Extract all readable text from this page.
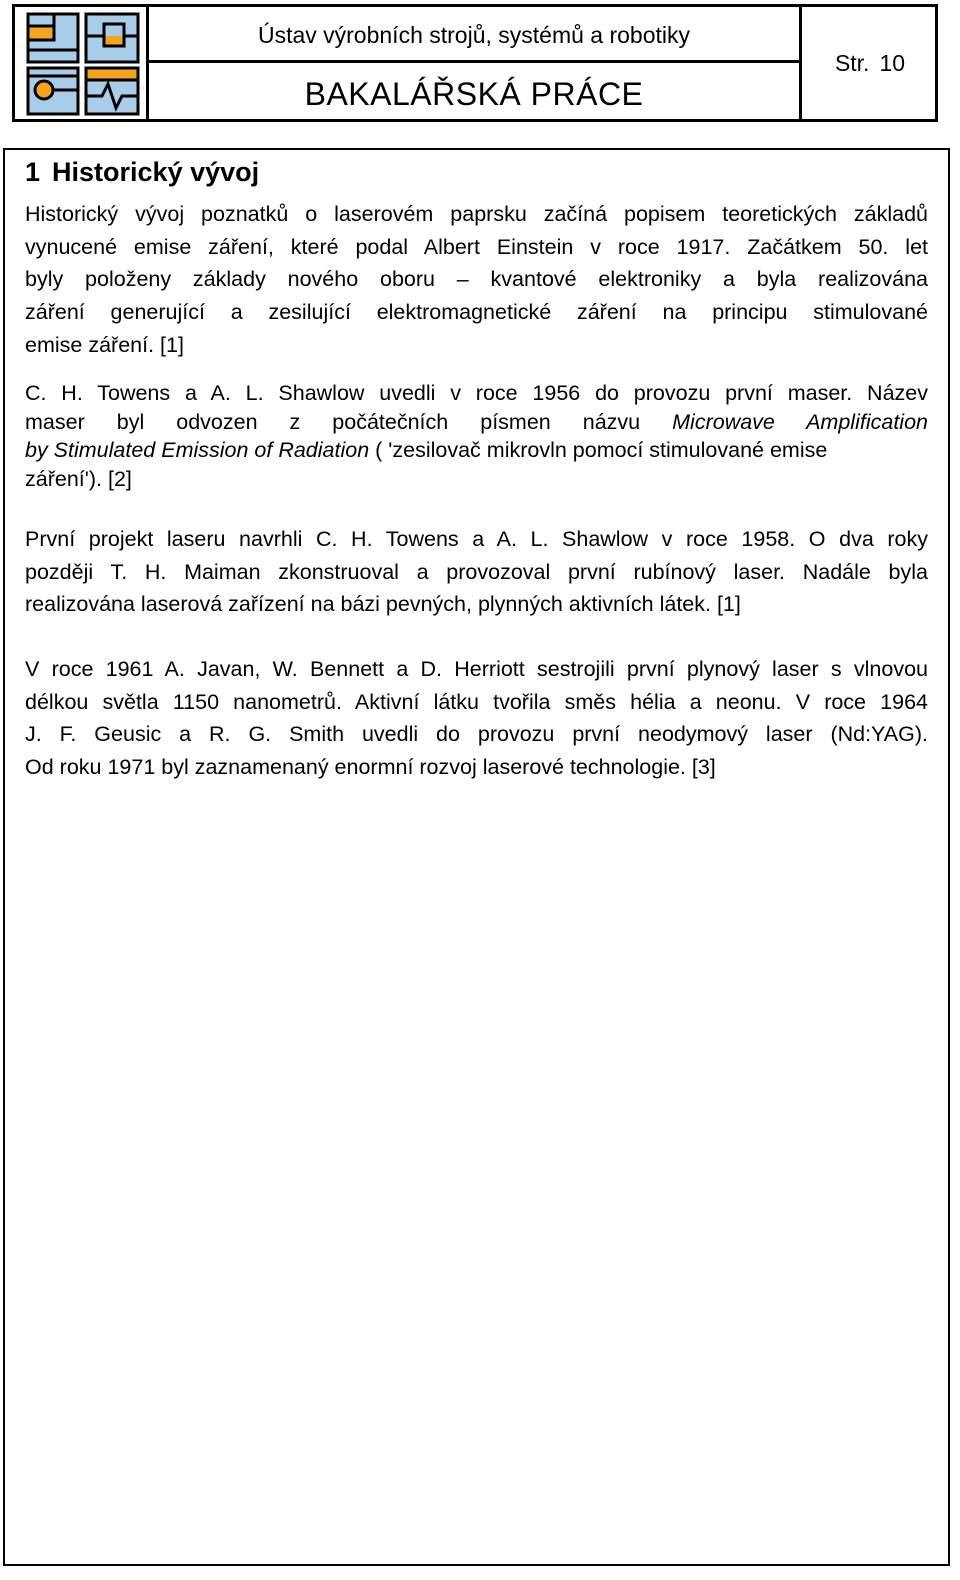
Ústav výrobních strojů, systémů a robotiky
BAKALÁŘSKÁ PRÁCE
Str. 10
1 Historický vývoj
Historický vývoj poznatků o laserovém paprsku začíná popisem teoretických základů
vynucené emise záření, které podal Albert Einstein v roce 1917. Začátkem 50. let
byly položeny základy nového oboru – kvantové elektroniky a byla realizována
záření generující a zesilující elektromagnetické záření na principu stimulované
emise záření. [1]
C. H. Towens a A. L. Shawlow uvedli v roce 1956 do provozu první maser. Název
maser byl odvozen z počátečních písmen názvu Microwave Amplification
by Stimulated Emission of Radiation ( 'zesilovač mikrovln pomocí stimulované emise
záření'). [2]
První projekt laseru navrhli C. H. Towens a A. L. Shawlow v roce 1958. O dva roky
později T. H. Maiman zkonstruoval a provozoval první rubínový laser. Nadále byla
realizována laserová zařízení na bázi pevných, plynných aktivních látek. [1]
V roce 1961 A. Javan, W. Bennett a D. Herriott sestrojili první plynový laser s vlnovou
délkou světla 1150 nanometrů. Aktivní látku tvořila směs hélia a neonu. V roce 1964
J. F. Geusic a R. G. Smith uvedli do provozu první neodymový laser (Nd:YAG).
Od roku 1971 byl zaznamenaný enormní rozvoj laserové technologie. [3]
